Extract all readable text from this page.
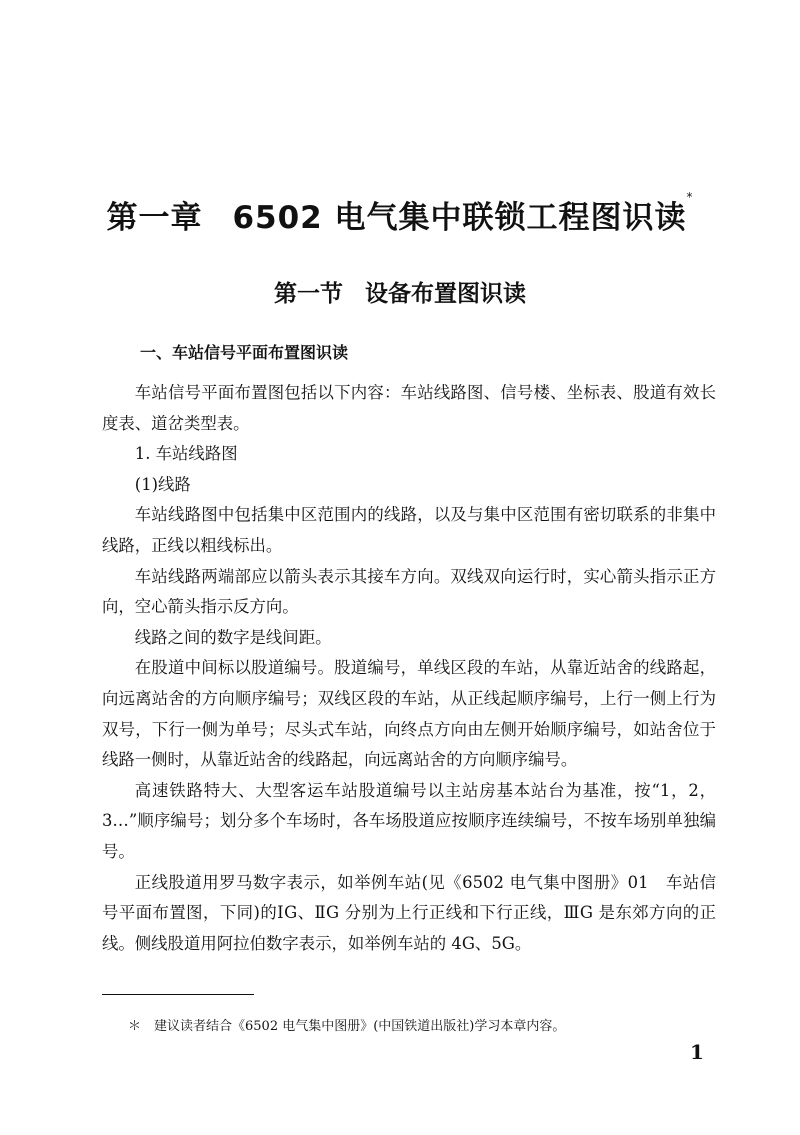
第一章 6502 电气集中联锁工程图识读*
第一节 设备布置图识读
一、车站信号平面布置图识读

车站信号平面布置图包括以下内容：车站线路图、信号楼、坐标表、股道有效长度表、道岔类型表。

1. 车站线路图

(1)线路

车站线路图中包括集中区范围内的线路，以及与集中区范围有密切联系的非集中线路，正线以粗线标出。

车站线路两端部应以箭头表示其接车方向。双线双向运行时，实心箭头指示正方向，空心箭头指示反方向。

线路之间的数字是线间距。

在股道中间标以股道编号。股道编号，单线区段的车站，从靠近站舍的线路起，向远离站舍的方向顺序编号；双线区段的车站，从正线起顺序编号，上行一侧上行为双号，下行一侧为单号；尽头式车站，向终点方向由左侧开始顺序编号，如站舍位于线路一侧时，从靠近站舍的线路起，向远离站舍的方向顺序编号。

高速铁路特大、大型客运车站股道编号以主站房基本站台为基准，按“1，2，3…”顺序编号；划分多个车场时，各车场股道应按顺序连续编号，不按车场别单独编号。

正线股道用罗马数字表示，如举例车站(见《6502 电气集中图册》01　车站信号平面布置图，下同)的ⅠG、ⅡG 分别为上行正线和下行正线，ⅢG 是东郊方向的正线。侧线股道用阿拉伯数字表示，如举例车站的 4G、5G。

＊　建议读者结合《6502 电气集中图册》(中国铁道出版社)学习本章内容。

1
